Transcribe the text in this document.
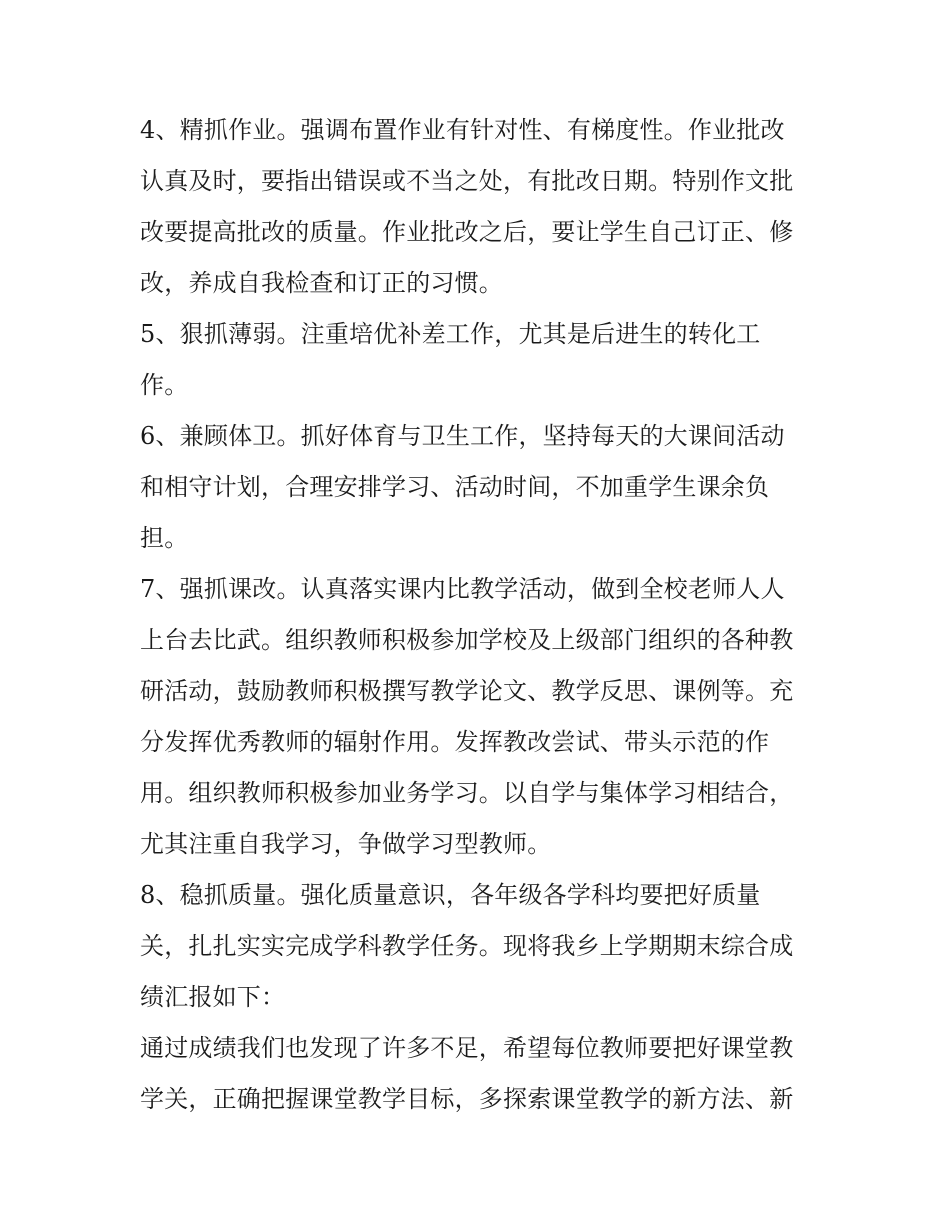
4、精抓作业。强调布置作业有针对性、有梯度性。作业批改
认真及时，要指出错误或不当之处，有批改日期。特别作文批
改要提高批改的质量。作业批改之后，要让学生自己订正、修
改，养成自我检查和订正的习惯。
5、狠抓薄弱。注重培优补差工作，尤其是后进生的转化工
作。
6、兼顾体卫。抓好体育与卫生工作，坚持每天的大课间活动
和相守计划，合理安排学习、活动时间，不加重学生课余负
担。
7、强抓课改。认真落实课内比教学活动，做到全校老师人人
上台去比武。组织教师积极参加学校及上级部门组织的各种教
研活动，鼓励教师积极撰写教学论文、教学反思、课例等。充
分发挥优秀教师的辐射作用。发挥教改尝试、带头示范的作
用。组织教师积极参加业务学习。以自学与集体学习相结合，
尤其注重自我学习，争做学习型教师。
8、稳抓质量。强化质量意识，各年级各学科均要把好质量
关，扎扎实实完成学科教学任务。现将我乡上学期期末综合成
绩汇报如下：
通过成绩我们也发现了许多不足，希望每位教师要把好课堂教
学关，正确把握课堂教学目标，多探索课堂教学的新方法、新
